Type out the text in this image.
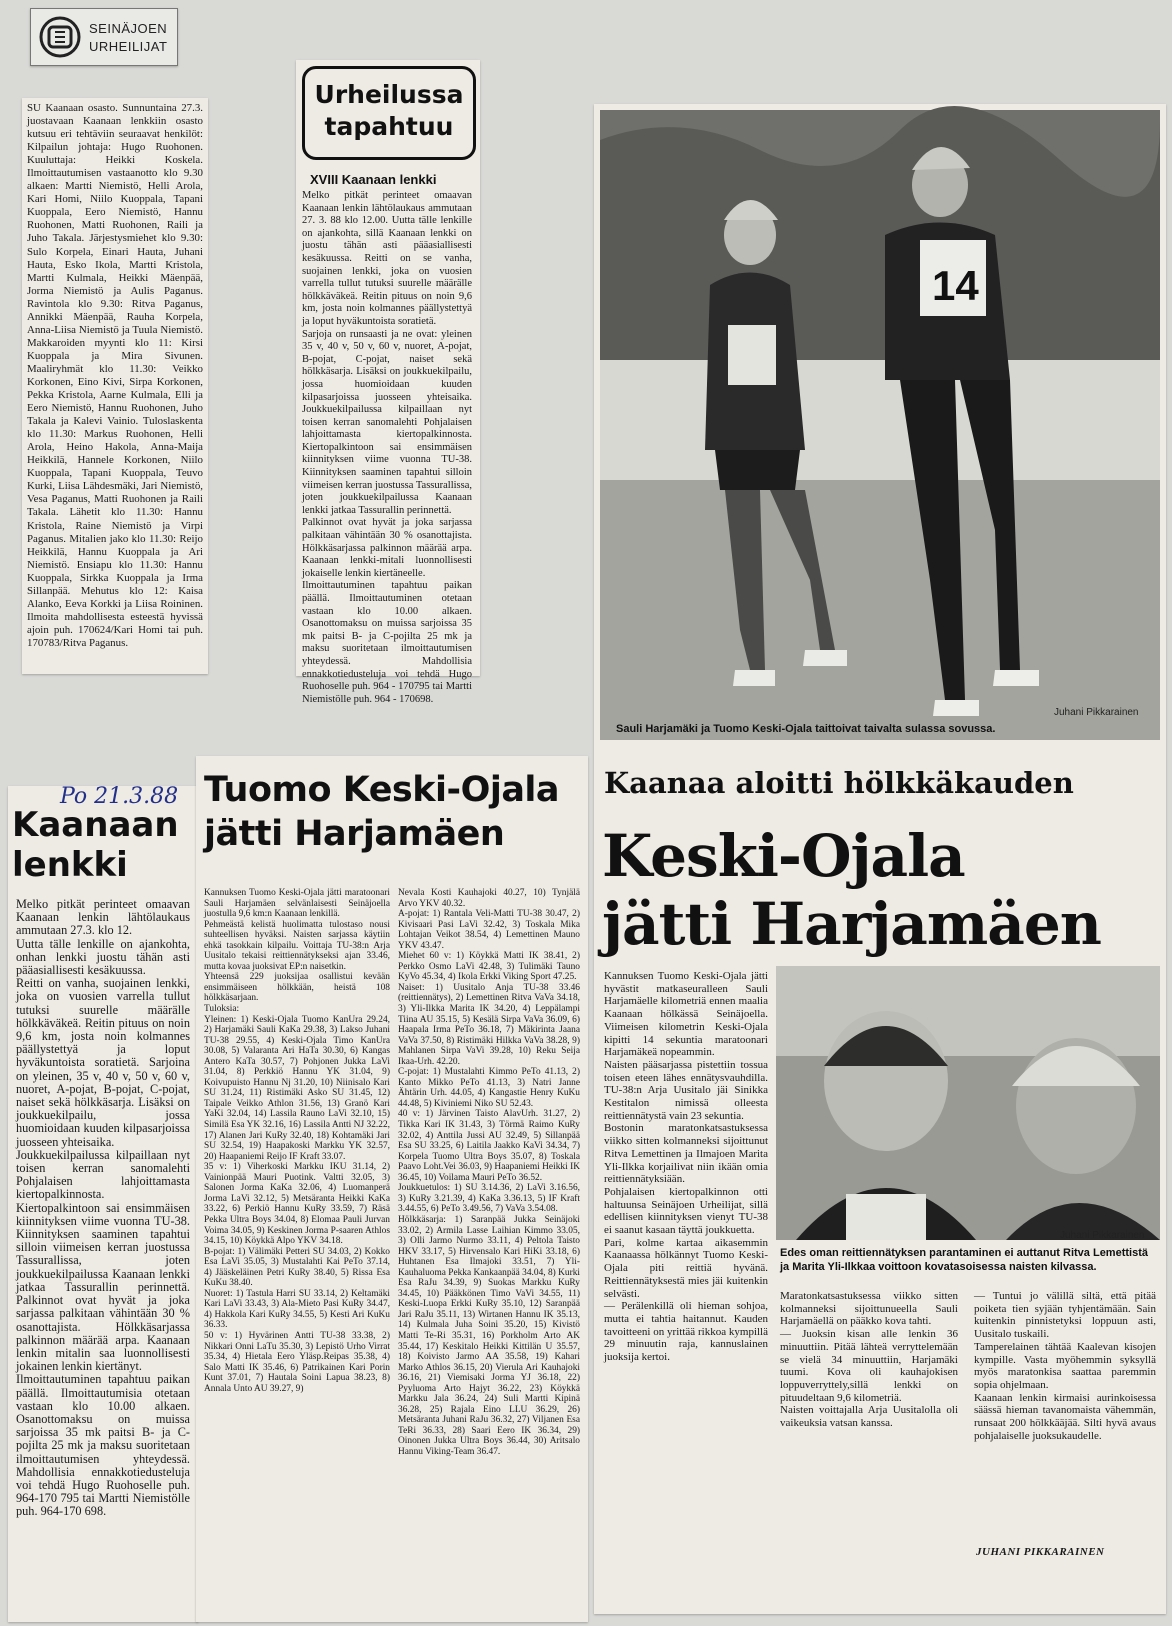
SEINÄJOEN
URHEILIJAT
SU Kaanaan osasto. Sunnuntaina 27.3. juostavaan Kaanaan lenkkiin osasto kutsuu eri tehtäviin seuraavat henkilöt: Kilpailun johtaja: Hugo Ruohonen. Kuuluttaja: Heikki Koskela. Ilmoittautumisen vastaanotto klo 9.30 alkaen: Martti Niemistö, Helli Arola, Kari Homi, Niilo Kuoppala, Tapani Kuoppala, Eero Niemistö, Hannu Ruohonen, Matti Ruohonen, Raili ja Juho Takala. Järjestysmiehet klo 9.30: Sulo Korpela, Einari Hauta, Juhani Hauta, Esko Ikola, Martti Kristola, Martti Kulmala, Heikki Mäenpää, Jorma Niemistö ja Aulis Paganus. Ravintola klo 9.30: Ritva Paganus, Annikki Mäenpää, Rauha Korpela, Anna-Liisa Niemistö ja Tuula Niemistö. Makkaroiden myynti klo 11: Kirsi Kuoppala ja Mira Sivunen. Maaliryhmät klo 11.30: Veikko Korkonen, Eino Kivi, Sirpa Korkonen, Pekka Kristola, Aarne Kulmala, Elli ja Eero Niemistö, Hannu Ruohonen, Juho Takala ja Kalevi Vainio. Tuloslaskenta klo 11.30: Markus Ruohonen, Helli Arola, Heino Hakola, Anna-Maija Heikkilä, Hannele Korkonen, Niilo Kuoppala, Tapani Kuoppala, Teuvo Kurki, Liisa Lähdesmäki, Jari Niemistö, Vesa Paganus, Matti Ruohonen ja Raili Takala. Lähetit klo 11.30: Hannu Kristola, Raine Niemistö ja Virpi Paganus. Mitalien jako klo 11.30: Reijo Heikkilä, Hannu Kuoppala ja Ari Niemistö. Ensiapu klo 11.30: Hannu Kuoppala, Sirkka Kuoppala ja Irma Sillanpää. Mehutus klo 12: Kaisa Alanko, Eeva Korkki ja Liisa Roininen. Ilmoita mahdollisesta esteestä hyvissä ajoin puh. 170624/Kari Homi tai puh. 170783/Ritva Paganus.
Urheilussa
tapahtuu
XVIII Kaanaan lenkki
Melko pitkät perinteet omaavan Kaanaan lenkin lähtölaukaus ammutaan 27. 3. 88 klo 12.00. Uutta tälle lenkille on ajankohta, sillä Kaanaan lenkki on juostu tähän asti pääasiallisesti kesäkuussa. Reitti on se vanha, suojainen lenkki, joka on vuosien varrella tullut tutuksi suurelle määrälle hölkkäväkeä. Reitin pituus on noin 9,6 km, josta noin kolmannes päällystettyä ja loput hyväkuntoista soratietä.
Sarjoja on runsaasti ja ne ovat: yleinen 35 v, 40 v, 50 v, 60 v, nuoret, A-pojat, B-pojat, C-pojat, naiset sekä hölkkäsarja. Lisäksi on joukkuekilpailu, jossa huomioidaan kuuden kilpasarjoissa juosseen yhteisaika. Joukkuekilpailussa kilpaillaan nyt toisen kerran sanomalehti Pohjalaisen lahjoittamasta kiertopalkinnosta. Kiertopalkintoon sai ensimmäisen kiinnityksen viime vuonna TU-38. Kiinnityksen saaminen tapahtui silloin viimeisen kerran juostussa Tassurallissa, joten joukkuekilpailussa Kaanaan lenkki jatkaa Tassurallin perinnettä.
Palkinnot ovat hyvät ja joka sarjassa palkitaan vähintään 30 % osanottajista. Hölkkäsarjassa palkinnon määrää arpa. Kaanaan lenkki-mitali luonnollisesti jokaiselle lenkin kiertäneelle.
Ilmoittautuminen tapahtuu paikan päällä. Ilmoittautuminen otetaan vastaan klo 10.00 alkaen. Osanottomaksu on muissa sarjoissa 35 mk paitsi B- ja C-pojilta 25 mk ja maksu suoritetaan ilmoittautumisen yhteydessä. Mahdollisia ennakkotiedusteluja voi tehdä Hugo Ruohoselle puh. 964 - 170795 tai Martti Niemistölle puh. 964 - 170698.
Po 21.3.88
Kaanaan
lenkki
Melko pitkät perinteet omaavan Kaanaan lenkin lähtölaukaus ammutaan 27.3. klo 12.
Uutta tälle lenkille on ajankohta, onhan lenkki juostu tähän asti pääasiallisesti kesäkuussa.
Reitti on vanha, suojainen lenkki, joka on vuosien varrella tullut tutuksi suurelle määrälle hölkkäväkeä. Reitin pituus on noin 9,6 km, josta noin kolmannes päällystettyä ja loput hyväkuntoista soratietä. Sarjoina on yleinen, 35 v, 40 v, 50 v, 60 v, nuoret, A-pojat, B-pojat, C-pojat, naiset sekä hölkkäsarja. Lisäksi on joukkuekilpailu, jossa huomioidaan kuuden kilpasarjoissa juosseen yhteisaika.
Joukkuekilpailussa kilpaillaan nyt toisen kerran sanomalehti Pohjalaisen lahjoittamasta kiertopalkinnosta. Kiertopalkintoon sai ensimmäisen kiinnityksen viime vuonna TU-38. Kiinnityksen saaminen tapahtui silloin viimeisen kerran juostussa Tassurallissa, joten joukkuekilpailussa Kaanaan lenkki jatkaa Tassurallin perinnettä. Palkinnot ovat hyvät ja joka sarjassa palkitaan vähintään 30 % osanottajista. Hölkkäsarjassa palkinnon määrää arpa. Kaanaan lenkin mitalin saa luonnollisesti jokainen lenkin kiertänyt.
Ilmoittautuminen tapahtuu paikan päällä. Ilmoittautumisia otetaan vastaan klo 10.00 alkaen. Osanottomaksu on muissa sarjoissa 35 mk paitsi B- ja C-pojilta 25 mk ja maksu suoritetaan ilmoittautumisen yhteydessä. Mahdollisia ennakkotiedusteluja voi tehdä Hugo Ruohoselle puh. 964-170 795 tai Martti Niemistölle puh. 964-170 698.
Tuomo Keski-Ojala
jätti Harjamäen
Kannuksen Tuomo Keski-Ojala jätti maratoonari Sauli Harjamäen selvänlaisesti Seinäjoella juostulla 9,6 km:n Kaanaan lenkillä.
Pehmeästä kelistä huolimatta tulostaso nousi suhteellisen hyväksi. Naisten sarjassa käytiin ehkä tasokkain kilpailu. Voittaja TU-38:n Arja Uusitalo tekaisi reittiennätykseksi ajan 33.46, mutta kovaa juoksivat EP:n naisetkin.
Yhteensä 229 juoksijaa osallistui kevään ensimmäiseen hölkkään, heistä 108 hölkkäsarjaan.
Tuloksia:
Yleinen: 1) Keski-Ojala Tuomo KanUra 29.24, 2) Harjamäki Sauli KaKa 29.38, 3) Lakso Juhani TU-38 29.55, 4) Keski-Ojala Timo KanUra 30.08, 5) Valaranta Ari HaTa 30.30, 6) Kangas Antero KaTa 30.57, 7) Pohjonen Jukka LaVi 31.04, 8) Perkkiö Hannu YK 31.04, 9) Koivupuisto Hannu Nj 31.20, 10) Niinisalo Kari SU 31.24, 11) Ristimäki Asko SU 31.45, 12) Taipale Veikko Athlon 31.56, 13) Granö Kari YaKi 32.04, 14) Lassila Rauno LaVi 32.10, 15) Similä Esa YK 32.16, 16) Lassila Antti NJ 32.22, 17) Alanen Jari KuRy 32.40, 18) Kohtamäki Jari SU 32.54, 19) Haapakoski Markku YK 32.57, 20) Haapaniemi Reijo IF Kraft 33.07.
35 v: 1) Viherkoski Markku IKU 31.14, 2) Vainionpää Mauri Puotink. Valtti 32.05, 3) Salonen Jorma KaKa 32.06, 4) Luomanperä Jorma LaVi 32.12, 5) Metsäranta Heikki KaKa 33.22, 6) Perkiö Hannu KuRy 33.59, 7) Räsä Pekka Ultra Boys 34.04, 8) Elomaa Pauli Jurvan Voima 34.05, 9) Keskinen Jorma P-saaren Athlos 34.15, 10) Köykkä Alpo YKV 34.18.
B-pojat: 1) Välimäki Petteri SU 34.03, 2) Kokko Esa LaVi 35.05, 3) Mustalahti Kai PeTo 37.14, 4) Jääskeläinen Petri KuRy 38.40, 5) Rissa Esa KuKu 38.40.
Nuoret: 1) Tastula Harri SU 33.14, 2) Keltamäki Kari LaVi 33.43, 3) Ala-Mieto Pasi KuRy 34.47, 4) Hakkola Kari KuRy 34.55, 5) Kesti Ari KuKu 36.33.
50 v: 1) Hyvärinen Antti TU-38 33.38, 2) Nikkari Onni LaTu 35.30, 3) Lepistö Urho Virrat 35.34, 4) Hietala Eero Yläsp.Reipas 35.38, 4) Salo Matti IK 35.46, 6) Patrikainen Kari Porin Kunt 37.01, 7) Hautala Soini Lapua 38.23, 8) Annala Unto AU 39.27, 9)
Nevala Kosti Kauhajoki 40.27, 10) Tynjälä Arvo YKV 40.32.
A-pojat: 1) Rantala Veli-Matti TU-38 30.47, 2) Kivisaari Pasi LaVi 32.42, 3) Toskala Mika Lohtajan Veikot 38.54, 4) Lemettinen Mauno YKV 43.47.
Miehet 60 v: 1) Köykkä Matti IK 38.41, 2) Perkko Osmo LaVi 42.48, 3) Tulimäki Tauno KyVo 45.34, 4) Ikola Erkki Viking Sport 47.25.
Naiset: 1) Uusitalo Anja TU-38 33.46 (reittiennätys), 2) Lemettinen Ritva VaVa 34.18, 3) Yli-Ilkka Marita IK 34.20, 4) Leppälampi Tiina AU 35.15, 5) Kesälä Sirpa VaVa 36.09, 6) Haapala Irma PeTo 36.18, 7) Mäkirinta Jaana VaVa 37.50, 8) Ristimäki Hilkka VaVa 38.28, 9) Mahlanen Sirpa VaVi 39.28, 10) Reku Seija Ikaa-Urh. 42.20.
C-pojat: 1) Mustalahti Kimmo PeTo 41.13, 2) Kanto Mikko PeTo 41.13, 3) Natri Janne Ähtärin Urh. 44.05, 4) Kangastie Henry KuKu 44.48, 5) Kiviniemi Niko SU 52.43.
40 v: 1) Järvinen Taisto AlavUrh. 31.27, 2) Tikka Kari IK 31.43, 3) Törmä Raimo KuRy 32.02, 4) Anttila Jussi AU 32.49, 5) Sillanpää Esa SU 33.25, 6) Laitila Jaakko KaVi 34.34, 7) Korpela Tuomo Ultra Boys 35.07, 8) Toskala Paavo Loht.Vei 36.03, 9) Haapaniemi Heikki IK 36.45, 10) Voilama Mauri PeTo 36.52.
Joukkuetulos: 1) SU 3.14.36, 2) LaVi 3.16.56, 3) KuRy 3.21.39, 4) KaKa 3.36.13, 5) IF Kraft 3.44.55, 6) PeTo 3.49.56, 7) VaVa 3.54.08.
Hölkkäsarja: 1) Saranpää Jukka Seinäjoki 33.02, 2) Armila Lasse Laihian Kimmo 33.05, 3) Olli Jarmo Nurmo 33.11, 4) Peltola Taisto HKV 33.17, 5) Hirvensalo Kari HiKi 33.18, 6) Huhtanen Esa Ilmajoki 33.51, 7) Yli-Kauhaluoma Pekka Kankaanpää 34.04, 8) Kurki Esa RaJu 34.39, 9) Suokas Markku KuRy 34.45, 10) Pääkkönen Timo VaVi 34.55, 11) Keski-Luopa Erkki KuRy 35.10, 12) Saranpää Jari RaJu 35.11, 13) Wirtanen Hannu IK 35.13, 14) Kulmala Juha Soini 35.20, 15) Kivistö Matti Te-Ri 35.31, 16) Porkholm Arto AK 35.44, 17) Keskitalo Heikki Kittilän U 35.57, 18) Koivisto Jarmo AA 35.58, 19) Kahari Marko Athlos 36.15, 20) Vierula Ari Kauhajoki 36.16, 21) Viemisaki Jorma YJ 36.18, 22) Pyyluoma Arto Hajyt 36.22, 23) Köykkä Markku Jala 36.24, 24) Suli Martti Kipinä 36.28, 25) Rajala Eino LLU 36.29, 26) Metsäranta Juhani RaJu 36.32, 27) Viljanen Esa TeRi 36.33, 28) Saari Eero IK 36.34, 29) Oinonen Jukka Ultra Boys 36.44, 30) Aritsalo Hannu Viking-Team 36.47.
14
Juhani Pikkarainen
Sauli Harjamäki ja Tuomo Keski-Ojala taittoivat taivalta sulassa sovussa.
Kaanaa aloitti hölkkäkauden
Keski-Ojala
jätti Harjamäen
Kannuksen Tuomo Keski-Ojala jätti hyvästit matkaseuralleen Sauli Harjamäelle kilometriä ennen maalia Kaanaan hölkässä Seinäjoella. Viimeisen kilometrin Keski-Ojala kipitti 14 sekuntia maratoonari Harjamäkeä nopeammin.
Naisten pääsarjassa pistettiin tossua toisen eteen lähes ennätysvauhdilla. TU-38:n Arja Uusitalo jäi Sinikka Kestitalon nimissä olleesta reittiennätystä vain 23 sekuntia.
Bostonin maratonkatsastuksessa viikko sitten kolmanneksi sijoittunut Ritva Lemettinen ja Ilmajoen Marita Yli-Ilkka korjailivat niin ikään omia reittiennätyksiään.
Pohjalaisen kiertopalkinnon otti haltuunsa Seinäjoen Urheilijat, sillä edellisen kiinnityksen vienyt TU-38 ei saanut kasaan täyttä joukkuetta.
Pari, kolme kartaa aikasemmin Kaanaassa hölkännyt Tuomo Keski-Ojala piti reittiä hyvänä. Reittiennätyksestä mies jäi kuitenkin selvästi.
— Perälenkillä oli hieman sohjoa, mutta ei tahtia haitannut. Kauden tavoitteeni on yrittää rikkoa kympillä 29 minuutin raja, kannuslainen juoksija kertoi.
Juhani Pikkarainen
Edes oman reittiennätyksen parantaminen ei auttanut Ritva Lemettistä ja Marita Yli-Ilkkaa voittoon kovatasoisessa naisten kilvassa.
Maratonkatsastuksessa viikko sitten kolmanneksi sijoittunueella Sauli Harjamäellä on pääkko kova tahti.
— Juoksin kisan alle lenkin 36 minuuttiin. Pitää lähteä verryttelemään se vielä 34 minuuttiin, Harjamäki tuumi. Kova oli kauhajokisen loppuverryttely,sillä lenkki on pituudeltaan 9,6 kilometriä.
Naisten voittajalla Arja Uusitalolla oli vaikeuksia vatsan kanssa.
— Tuntui jo välillä siltä, että pitää poiketa tien syjään tyhjentämään. Sain kuitenkin pinnistetyksi loppuun asti, Uusitalo tuskaili.
Tamperelainen tähtää Kaalevan kisojen kympille. Vasta myöhemmin syksyllä myös maratonkisa saattaa paremmin sopia ohjelmaan.
Kaanaan lenkin kirmaisi aurinkoisessa säässä hieman tavanomaista vähemmän, runsaat 200 hölkkääjää. Silti hyvä avaus pohjalaiselle juoksukaudelle.
JUHANI PIKKARAINEN
